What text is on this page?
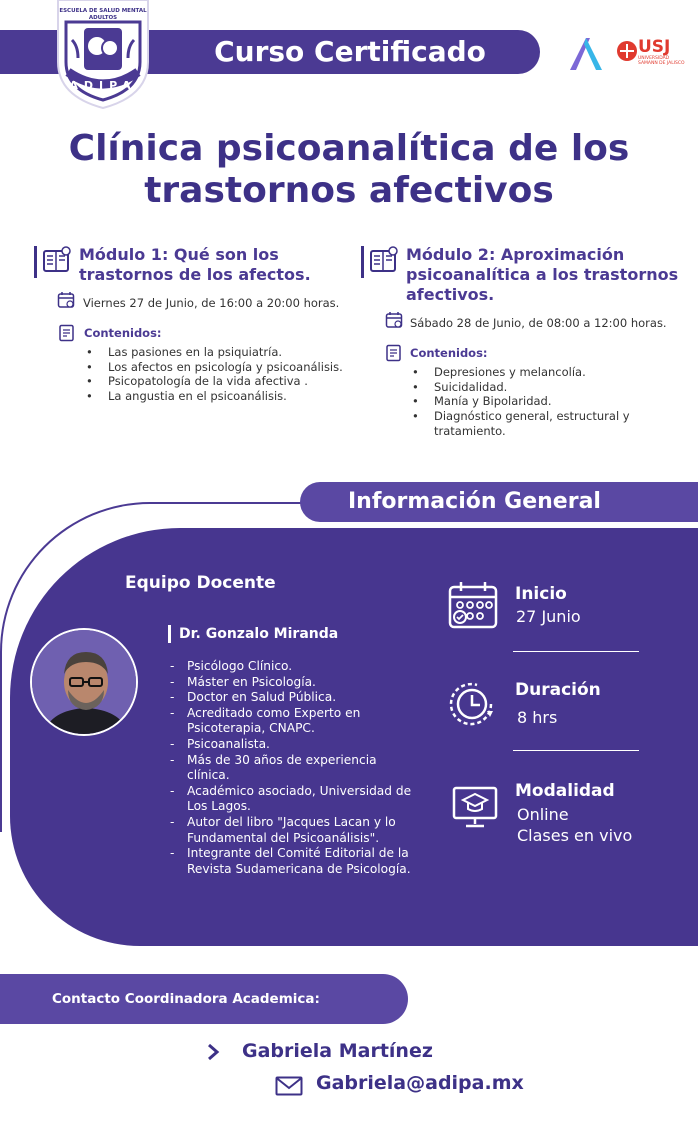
Curso Certificado
ESCUELA DE SALUD MENTAL
ADULTOS
ADIPA
USJ
UNIVERSIDAD SAMANN DE JALISCO
Clínica psicoanalítica de los
trastornos afectivos
Módulo 1: Qué son los trastornos de los afectos.
Viernes 27 de Junio, de 16:00 a 20:00 horas.
Contenidos:
• Las pasiones en la psiquiatría.
• Los afectos en psicología y psicoanálisis.
• Psicopatología de la vida afectiva .
• La angustia en el psicoanálisis.
Módulo 2: Aproximación psicoanalítica a los trastornos afectivos.
Sábado 28 de Junio, de 08:00 a 12:00 horas.
Contenidos:
• Depresiones y melancolía.
• Suicidalidad.
• Manía y Bipolaridad.
• Diagnóstico general, estructural y tratamiento.
Información General
Equipo Docente
Dr. Gonzalo Miranda
- Psicólogo Clínico.
- Máster en Psicología.
- Doctor en Salud Pública.
- Acreditado como Experto en Psicoterapia, CNAPC.
- Psicoanalista.
- Más de 30 años de experiencia clínica.
- Académico asociado, Universidad de Los Lagos.
- Autor del libro "Jacques Lacan y lo Fundamental del Psicoanálisis".
- Integrante del Comité Editorial de la Revista Sudamericana de Psicología.
Inicio
27 Junio
Duración
8 hrs
Modalidad
Online
Clases en vivo
Contacto Coordinadora Academica:
Gabriela Martínez
Gabriela@adipa.mx
